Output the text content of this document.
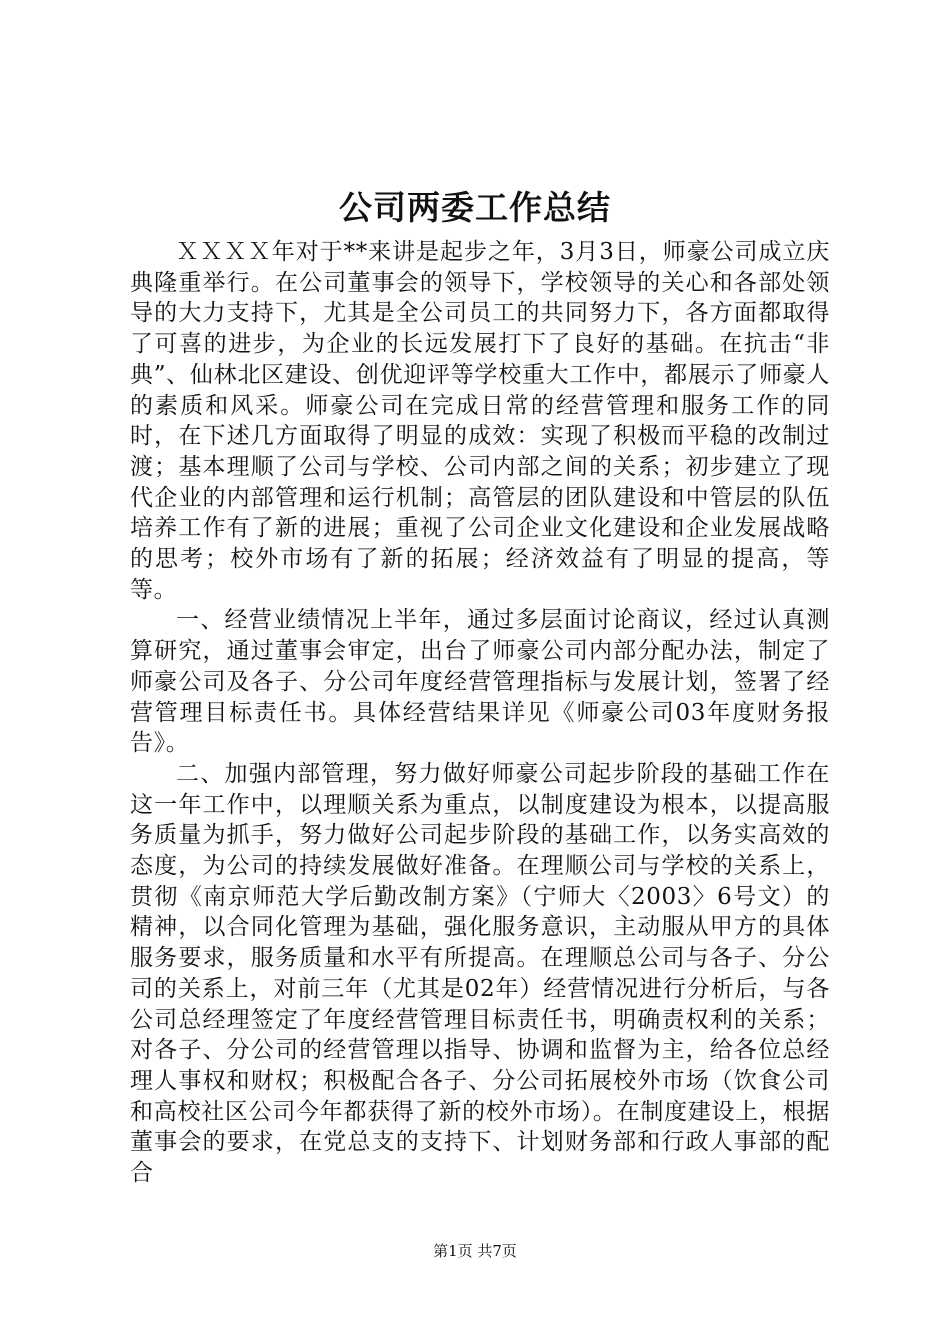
公司两委工作总结

ＸＸＸＸ年对于**来讲是起步之年，3月3日，师豪公司成立庆典隆重举行。在公司董事会的领导下，学校领导的关心和各部处领导的大力支持下，尤其是全公司员工的共同努力下，各方面都取得了可喜的进步，为企业的长远发展打下了良好的基础。在抗击“非典”、仙林北区建设、创优迎评等学校重大工作中，都展示了师豪人的素质和风采。师豪公司在完成日常的经营管理和服务工作的同时，在下述几方面取得了明显的成效：实现了积极而平稳的改制过渡；基本理顺了公司与学校、公司内部之间的关系；初步建立了现代企业的内部管理和运行机制；高管层的团队建设和中管层的队伍培养工作有了新的进展；重视了公司企业文化建设和企业发展战略的思考；校外市场有了新的拓展；经济效益有了明显的提高，等等。

一、经营业绩情况上半年，通过多层面讨论商议，经过认真测算研究，通过董事会审定，出台了师豪公司内部分配办法，制定了师豪公司及各子、分公司年度经营管理指标与发展计划，签署了经营管理目标责任书。具体经营结果详见《师豪公司03年度财务报告》。

二、加强内部管理，努力做好师豪公司起步阶段的基础工作在这一年工作中，以理顺关系为重点，以制度建设为根本，以提高服务质量为抓手，努力做好公司起步阶段的基础工作，以务实高效的态度，为公司的持续发展做好准备。在理顺公司与学校的关系上，贯彻《南京师范大学后勤改制方案》（宁师大〈2003〉6号文）的精神，以合同化管理为基础，强化服务意识，主动服从甲方的具体服务要求，服务质量和水平有所提高。在理顺总公司与各子、分公司的关系上，对前三年（尤其是02年）经营情况进行分析后，与各公司总经理签定了年度经营管理目标责任书，明确责权利的关系；对各子、分公司的经营管理以指导、协调和监督为主，给各位总经理人事权和财权；积极配合各子、分公司拓展校外市场（饮食公司和高校社区公司今年都获得了新的校外市场）。在制度建设上，根据董事会的要求，在党总支的支持下、计划财务部和行政人事部的配合

第1页 共7页
